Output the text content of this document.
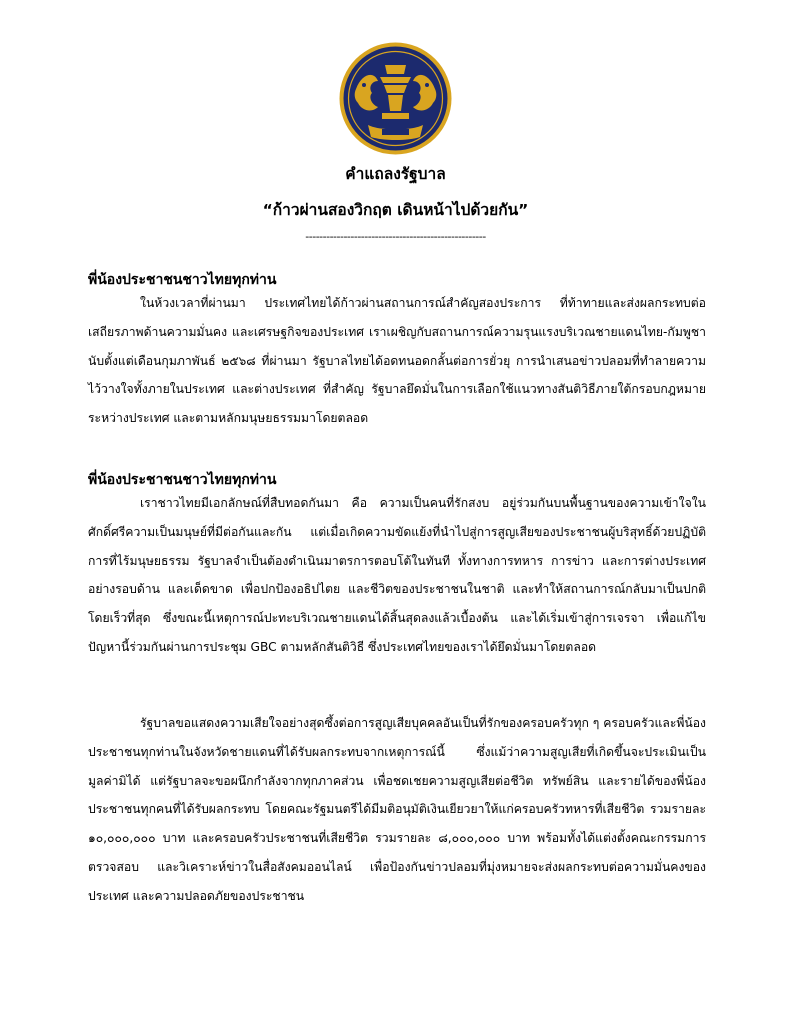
คำแถลงรัฐบาล

“ก้าวผ่านสองวิกฤต เดินหน้าไปด้วยกัน”

----------------------------------------------------

พี่น้องประชาชนชาวไทยทุกท่าน

ในห้วงเวลาที่ผ่านมา ประเทศไทยได้ก้าวผ่านสถานการณ์สำคัญสองประการ ที่ท้าทายและส่งผลกระทบต่อเสถียรภาพด้านความมั่นคง และเศรษฐกิจของประเทศ เราเผชิญกับสถานการณ์ความรุนแรงบริเวณชายแดนไทย-กัมพูชา นับตั้งแต่เดือนกุมภาพันธ์ ๒๕๖๘ ที่ผ่านมา รัฐบาลไทยได้อดทนอดกลั้นต่อการยั่วยุ การนำเสนอข่าวปลอมที่ทำลายความไว้วางใจทั้งภายในประเทศ และต่างประเทศ ที่สำคัญ รัฐบาลยึดมั่นในการเลือกใช้แนวทางสันติวิธีภายใต้กรอบกฎหมายระหว่างประเทศ และตามหลักมนุษยธรรมมาโดยตลอด

พี่น้องประชาชนชาวไทยทุกท่าน

เราชาวไทยมีเอกลักษณ์ที่สืบทอดกันมา คือ ความเป็นคนที่รักสงบ อยู่ร่วมกันบนพื้นฐานของความเข้าใจในศักดิ์ศรีความเป็นมนุษย์ที่มีต่อกันและกัน แต่เมื่อเกิดความขัดแย้งที่นำไปสู่การสูญเสียของประชาชนผู้บริสุทธิ์ด้วยปฏิบัติการที่ไร้มนุษยธรรม รัฐบาลจำเป็นต้องดำเนินมาตรการตอบโต้ในทันที ทั้งทางการทหาร การข่าว และการต่างประเทศอย่างรอบด้าน และเด็ดขาด เพื่อปกป้องอธิปไตย และชีวิตของประชาชนในชาติ และทำให้สถานการณ์กลับมาเป็นปกติโดยเร็วที่สุด ซึ่งขณะนี้เหตุการณ์ปะทะบริเวณชายแดนได้สิ้นสุดลงแล้วเบื้องต้น และได้เริ่มเข้าสู่การเจรจา เพื่อแก้ไขปัญหานี้ร่วมกันผ่านการประชุม GBC ตามหลักสันติวิธี ซึ่งประเทศไทยของเราได้ยึดมั่นมาโดยตลอด

รัฐบาลขอแสดงความเสียใจอย่างสุดซึ้งต่อการสูญเสียบุคคลอันเป็นที่รักของครอบครัวทุก ๆ ครอบครัวและพี่น้องประชาชนทุกท่านในจังหวัดชายแดนที่ได้รับผลกระทบจากเหตุการณ์นี้ ซึ่งแม้ว่าความสูญเสียที่เกิดขึ้นจะประเมินเป็นมูลค่ามิได้ แต่รัฐบาลจะขอผนึกกำลังจากทุกภาคส่วน เพื่อชดเชยความสูญเสียต่อชีวิต ทรัพย์สิน และรายได้ของพี่น้องประชาชนทุกคนที่ได้รับผลกระทบ โดยคณะรัฐมนตรีได้มีมติอนุมัติเงินเยียวยาให้แก่ครอบครัวทหารที่เสียชีวิต รวมรายละ ๑๐,๐๐๐,๐๐๐ บาท และครอบครัวประชาชนที่เสียชีวิต รวมรายละ ๘,๐๐๐,๐๐๐ บาท พร้อมทั้งได้แต่งตั้งคณะกรรมการตรวจสอบ และวิเคราะห์ข่าวในสื่อสังคมออนไลน์ เพื่อป้องกันข่าวปลอมที่มุ่งหมายจะส่งผลกระทบต่อความมั่นคงของประเทศ และความปลอดภัยของประชาชน
